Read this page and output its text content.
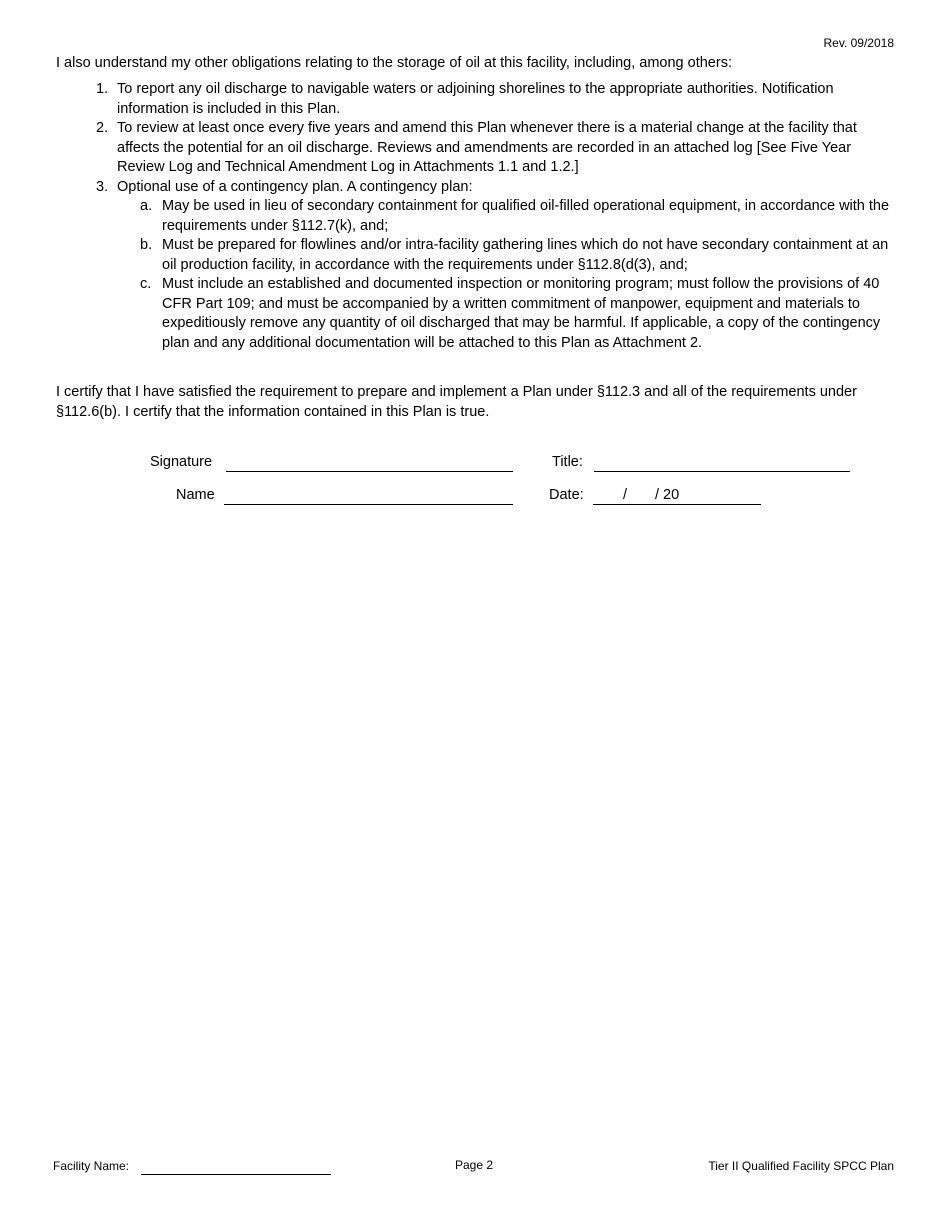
Rev. 09/2018

I also understand my other obligations relating to the storage of oil at this facility, including, among others:

1. To report any oil discharge to navigable waters or adjoining shorelines to the appropriate authorities. Notification information is included in this Plan.
2. To review at least once every five years and amend this Plan whenever there is a material change at the facility that affects the potential for an oil discharge. Reviews and amendments are recorded in an attached log [See Five Year Review Log and Technical Amendment Log in Attachments 1.1 and 1.2.]
3. Optional use of a contingency plan. A contingency plan:
a. May be used in lieu of secondary containment for qualified oil-filled operational equipment, in accordance with the requirements under §112.7(k), and;
b. Must be prepared for flowlines and/or intra-facility gathering lines which do not have secondary containment at an oil production facility, in accordance with the requirements under §112.8(d(3), and;
c. Must include an established and documented inspection or monitoring program; must follow the provisions of 40 CFR Part 109; and must be accompanied by a written commitment of manpower, equipment and materials to expeditiously remove any quantity of oil discharged that may be harmful. If applicable, a copy of the contingency plan and any additional documentation will be attached to this Plan as Attachment 2.

I certify that I have satisfied the requirement to prepare and implement a Plan under §112.3 and all of the requirements under §112.6(b). I certify that the information contained in this Plan is true.

Signature	Title:
Name	Date:	/ / 20
Facility Name:	Page 2	Tier II Qualified Facility SPCC Plan
